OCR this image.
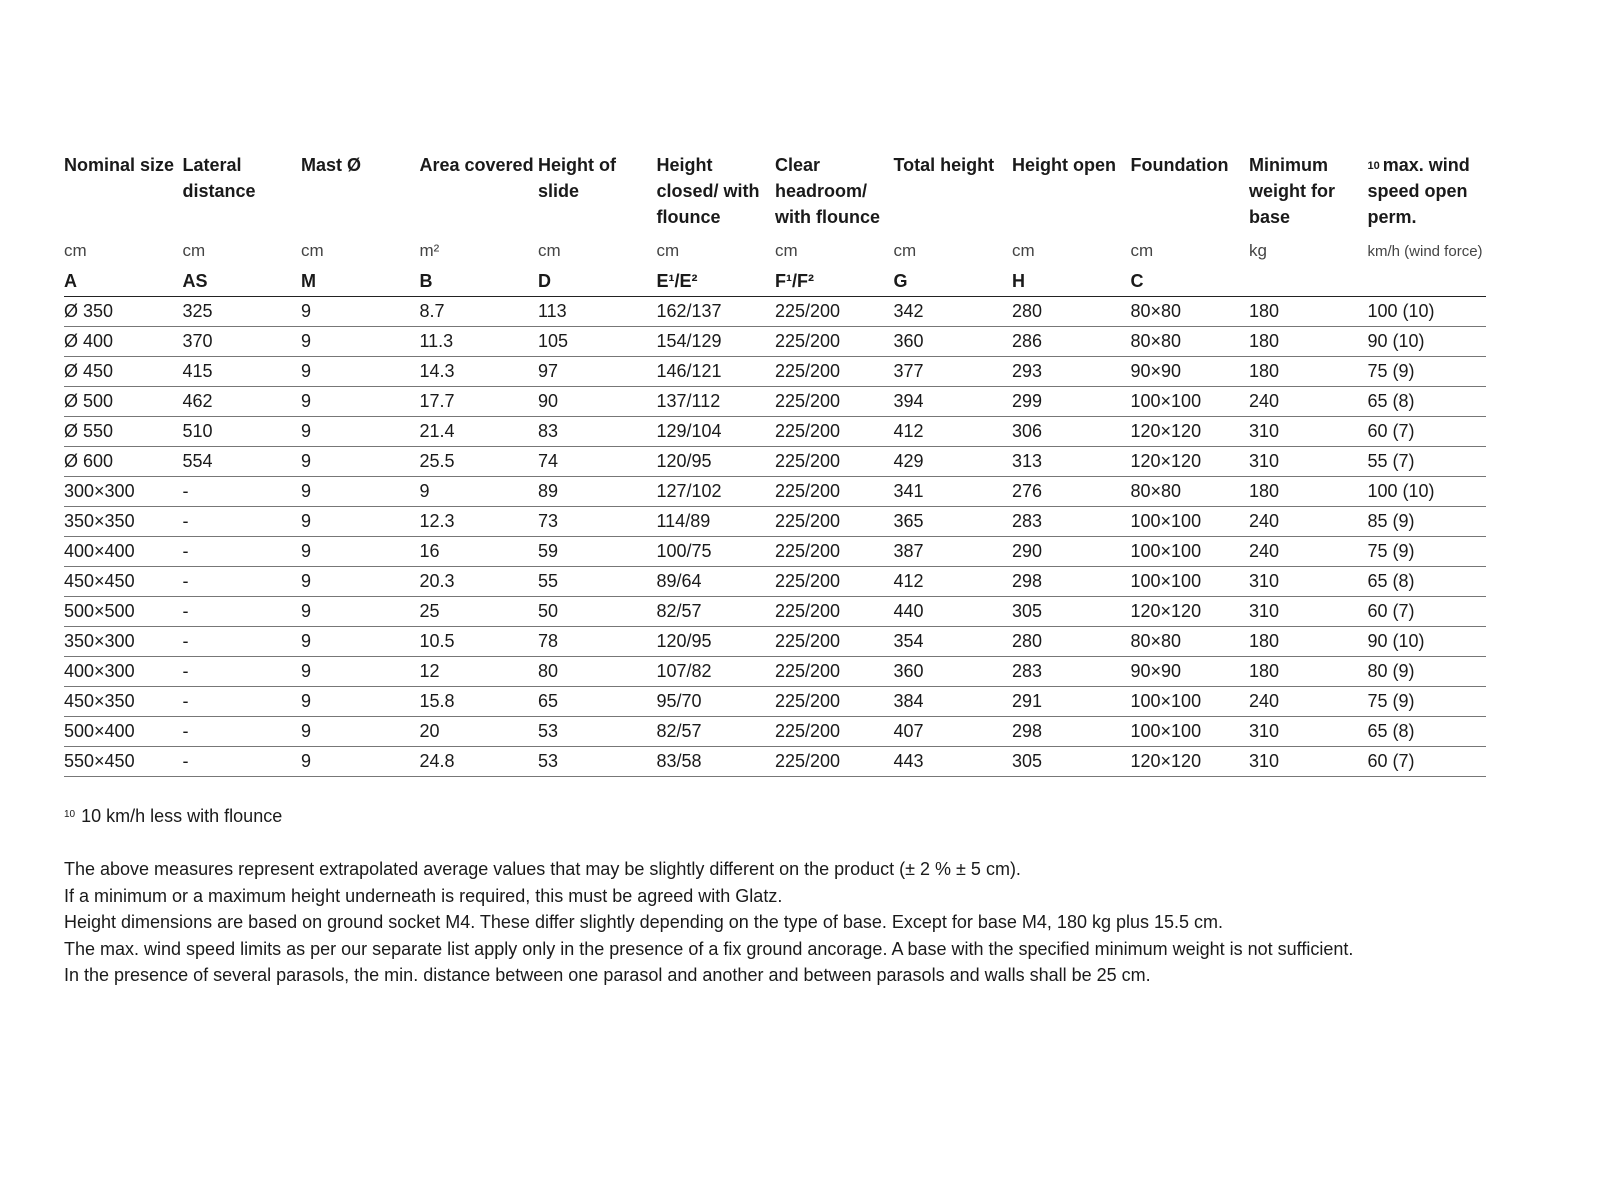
Nominal size	Lateral distance	Mast Ø	Area covered	Height of slide	Height closed/ with flounce	Clear headroom/ with flounce	Total height	Height open	Foundation	Minimum weight for base	$^{10}$ max. wind speed open perm.
cm	cm	cm	m²	cm	cm	cm	cm	cm	cm	kg	km/h (wind force)
A	AS	M	B	D	E¹/E²	F¹/F²	G	H	C		
Ø 350	325	9	8.7	113	162/137	225/200	342	280	80×80	180	100 (10)
Ø 400	370	9	11.3	105	154/129	225/200	360	286	80×80	180	90 (10)
Ø 450	415	9	14.3	97	146/121	225/200	377	293	90×90	180	75 (9)
Ø 500	462	9	17.7	90	137/112	225/200	394	299	100×100	240	65 (8)
Ø 550	510	9	21.4	83	129/104	225/200	412	306	120×120	310	60 (7)
Ø 600	554	9	25.5	74	120/95	225/200	429	313	120×120	310	55 (7)
300×300	-	9	9	89	127/102	225/200	341	276	80×80	180	100 (10)
350×350	-	9	12.3	73	114/89	225/200	365	283	100×100	240	85 (9)
400×400	-	9	16	59	100/75	225/200	387	290	100×100	240	75 (9)
450×450	-	9	20.3	55	89/64	225/200	412	298	100×100	310	65 (8)
500×500	-	9	25	50	82/57	225/200	440	305	120×120	310	60 (7)
350×300	-	9	10.5	78	120/95	225/200	354	280	80×80	180	90 (10)
400×300	-	9	12	80	107/82	225/200	360	283	90×90	180	80 (9)
450×350	-	9	15.8	65	95/70	225/200	384	291	100×100	240	75 (9)
500×400	-	9	20	53	82/57	225/200	407	298	100×100	310	65 (8)
550×450	-	9	24.8	53	83/58	225/200	443	305	120×120	310	60 (7)
$^{10}$ 10 km/h less with flounce

The above measures represent extrapolated average values that may be slightly different on the product (± 2 % ± 5 cm).

If a minimum or a maximum height underneath is required, this must be agreed with Glatz.

Height dimensions are based on ground socket M4. These differ slightly depending on the type of base. Except for base M4, 180 kg plus 15.5 cm.

The max. wind speed limits as per our separate list apply only in the presence of a fix ground ancorage. A base with the specified minimum weight is not sufficient.

In the presence of several parasols, the min. distance between one parasol and another and between parasols and walls shall be 25 cm.
